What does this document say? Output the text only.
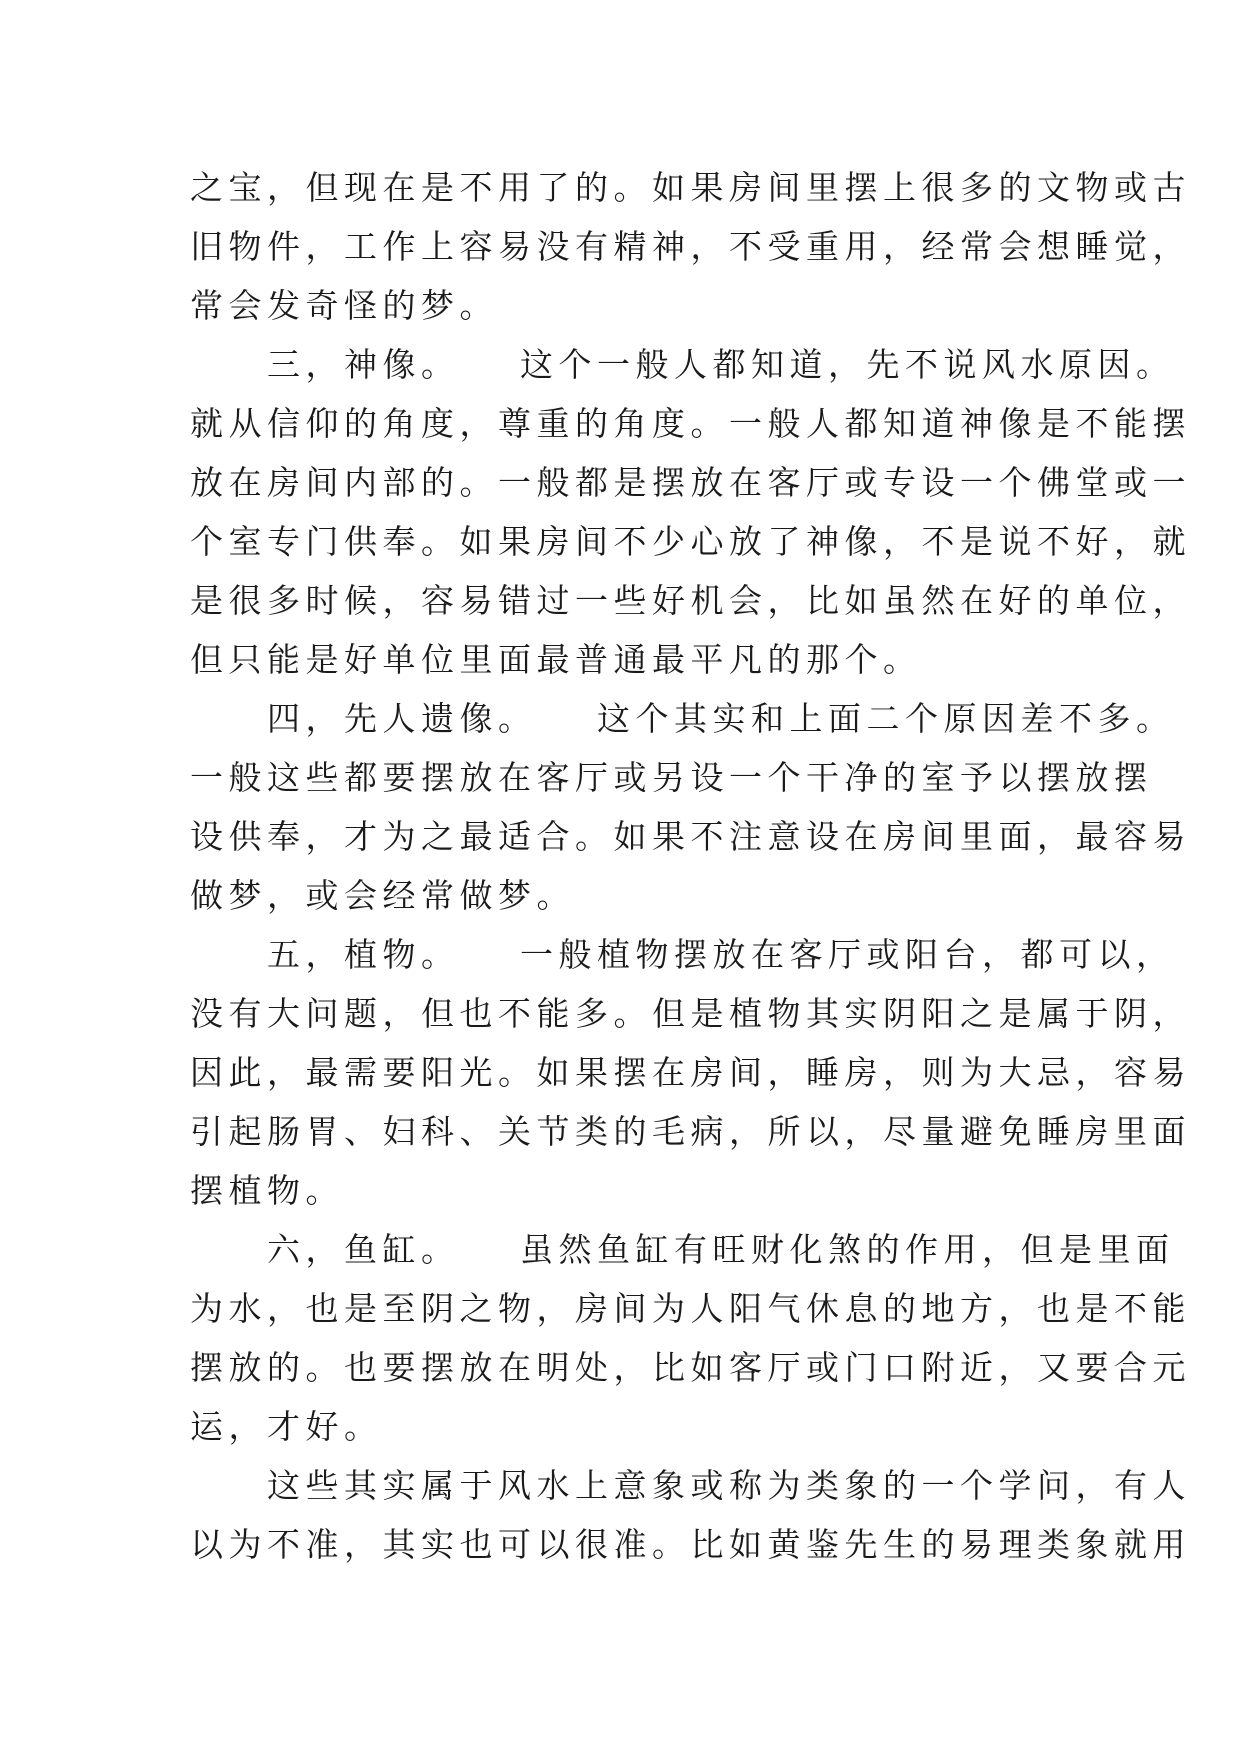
之宝，但现在是不用了的。如果房间里摆上很多的文物或古
旧物件，工作上容易没有精神，不受重用，经常会想睡觉，
常会发奇怪的梦。
　　三，神像。　　这个一般人都知道，先不说风水原因。
就从信仰的角度，尊重的角度。一般人都知道神像是不能摆
放在房间内部的。一般都是摆放在客厅或专设一个佛堂或一
个室专门供奉。如果房间不少心放了神像，不是说不好，就
是很多时候，容易错过一些好机会，比如虽然在好的单位，
但只能是好单位里面最普通最平凡的那个。
　　四，先人遗像。　　这个其实和上面二个原因差不多。
一般这些都要摆放在客厅或另设一个干净的室予以摆放摆
设供奉，才为之最适合。如果不注意设在房间里面，最容易
做梦，或会经常做梦。
　　五，植物。　　一般植物摆放在客厅或阳台，都可以，
没有大问题，但也不能多。但是植物其实阴阳之是属于阴，
因此，最需要阳光。如果摆在房间，睡房，则为大忌，容易
引起肠胃、妇科、关节类的毛病，所以，尽量避免睡房里面
摆植物。
　　六，鱼缸。　　虽然鱼缸有旺财化煞的作用，但是里面
为水，也是至阴之物，房间为人阳气休息的地方，也是不能
摆放的。也要摆放在明处，比如客厅或门口附近，又要合元
运，才好。
　　这些其实属于风水上意象或称为类象的一个学问，有人
以为不准，其实也可以很准。比如黄鉴先生的易理类象就用
